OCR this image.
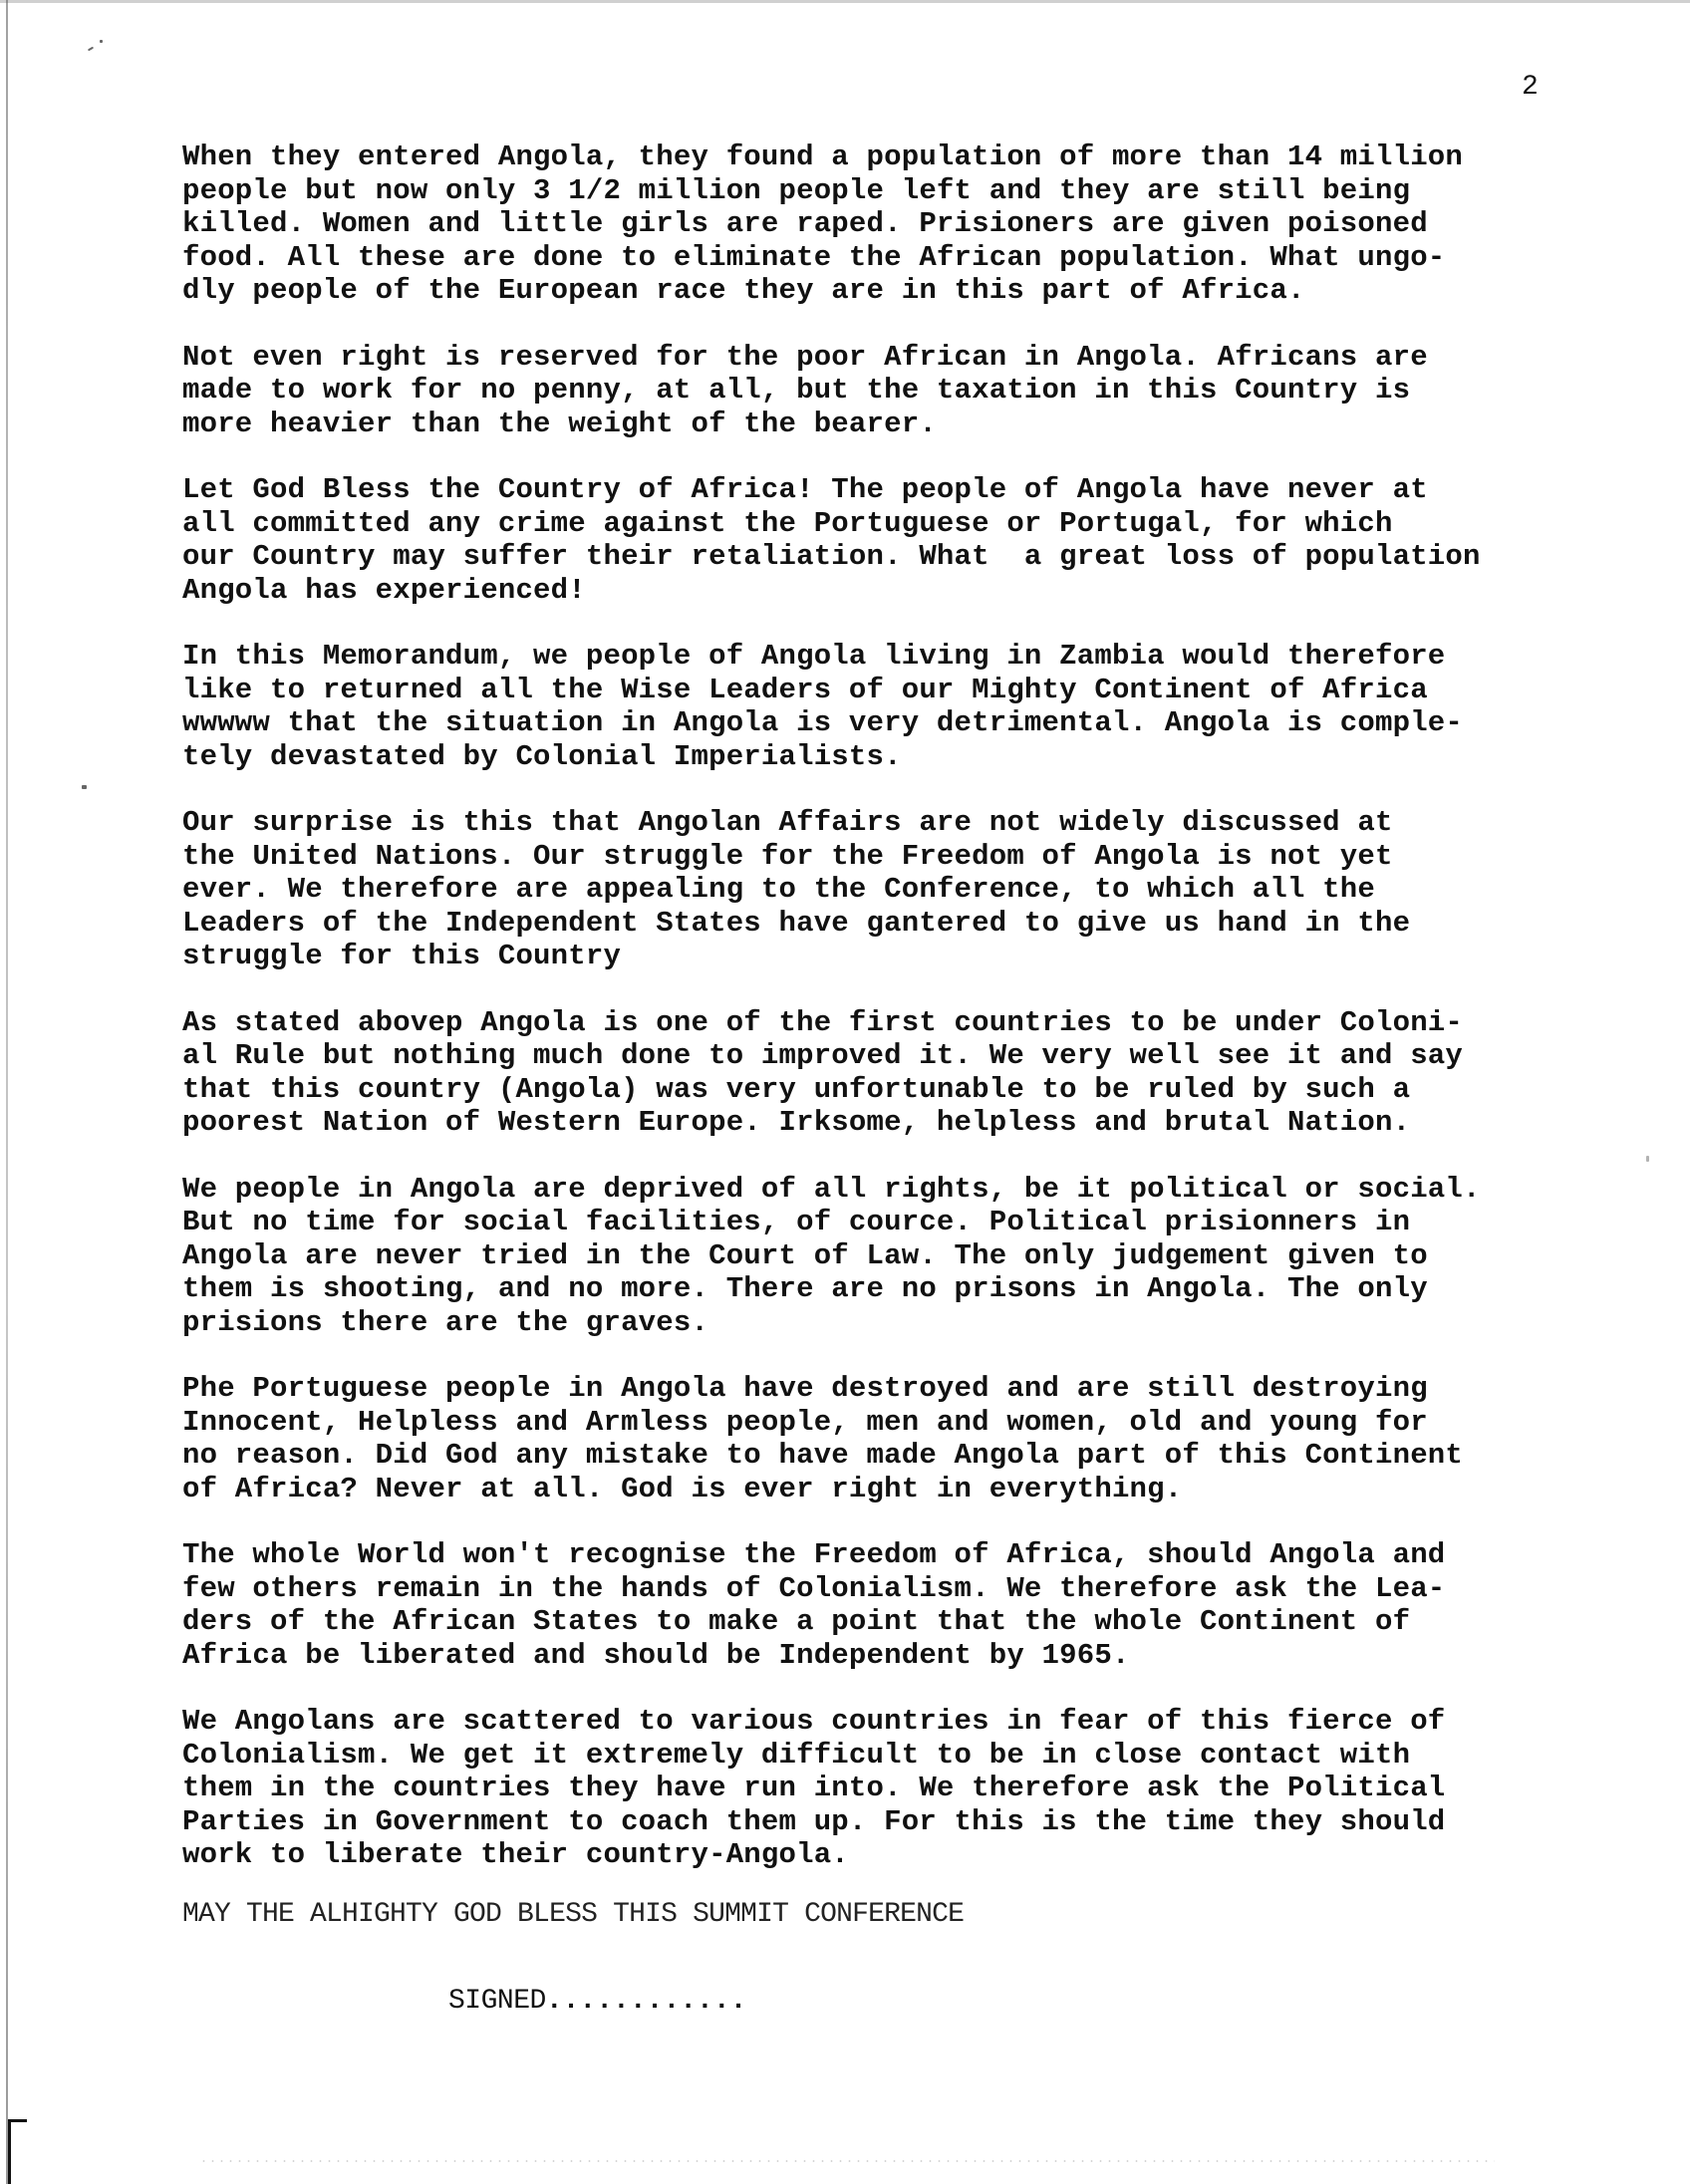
2
When they entered Angola, they found a population of more than 14 million
people but now only 3 1/2 million people left and they are still being
killed. Women and little girls are raped. Prisioners are given poisoned
food. All these are done to eliminate the African population. What ungo-
dly people of the European race they are in this part of Africa.
Not even right is reserved for the poor African in Angola. Africans are
made to work for no penny, at all, but the taxation in this Country is
more heavier than the weight of the bearer.
Let God Bless the Country of Africa! The people of Angola have never at
all committed any crime against the Portuguese or Portugal, for which
our Country may suffer their retaliation. What  a great loss of population
Angola has experienced!
In this Memorandum, we people of Angola living in Zambia would therefore
like to returned all the Wise Leaders of our Mighty Continent of Africa
wwwww that the situation in Angola is very detrimental. Angola is comple-
tely devastated by Colonial Imperialists.
Our surprise is this that Angolan Affairs are not widely discussed at
the United Nations. Our struggle for the Freedom of Angola is not yet
ever. We therefore are appealing to the Conference, to which all the
Leaders of the Independent States have gantered to give us hand in the
struggle for this Country
As stated abovep Angola is one of the first countries to be under Coloni-
al Rule but nothing much done to improved it. We very well see it and say
that this country (Angola) was very unfortunable to be ruled by such a
poorest Nation of Western Europe. Irksome, helpless and brutal Nation.
We people in Angola are deprived of all rights, be it political or social.
But no time for social facilities, of cource. Political prisionners in
Angola are never tried in the Court of Law. The only judgement given to
them is shooting, and no more. There are no prisons in Angola. The only
prisions there are the graves.
Phe Portuguese people in Angola have destroyed and are still destroying
Innocent, Helpless and Armless people, men and women, old and young for
no reason. Did God any mistake to have made Angola part of this Continent
of Africa? Never at all. God is ever right in everything.
The whole World won't recognise the Freedom of Africa, should Angola and
few others remain in the hands of Colonialism. We therefore ask the Lea-
ders of the African States to make a point that the whole Continent of
Africa be liberated and should be Independent by 1965.
We Angolans are scattered to various countries in fear of this fierce of
Colonialism. We get it extremely difficult to be in close contact with
them in the countries they have run into. We therefore ask the Political
Parties in Government to coach them up. For this is the time they should
work to liberate their country-Angola.
MAY THE ALHIGHTY GOD BLESS THIS SUMMIT CONFERENCE
SIGNED............
